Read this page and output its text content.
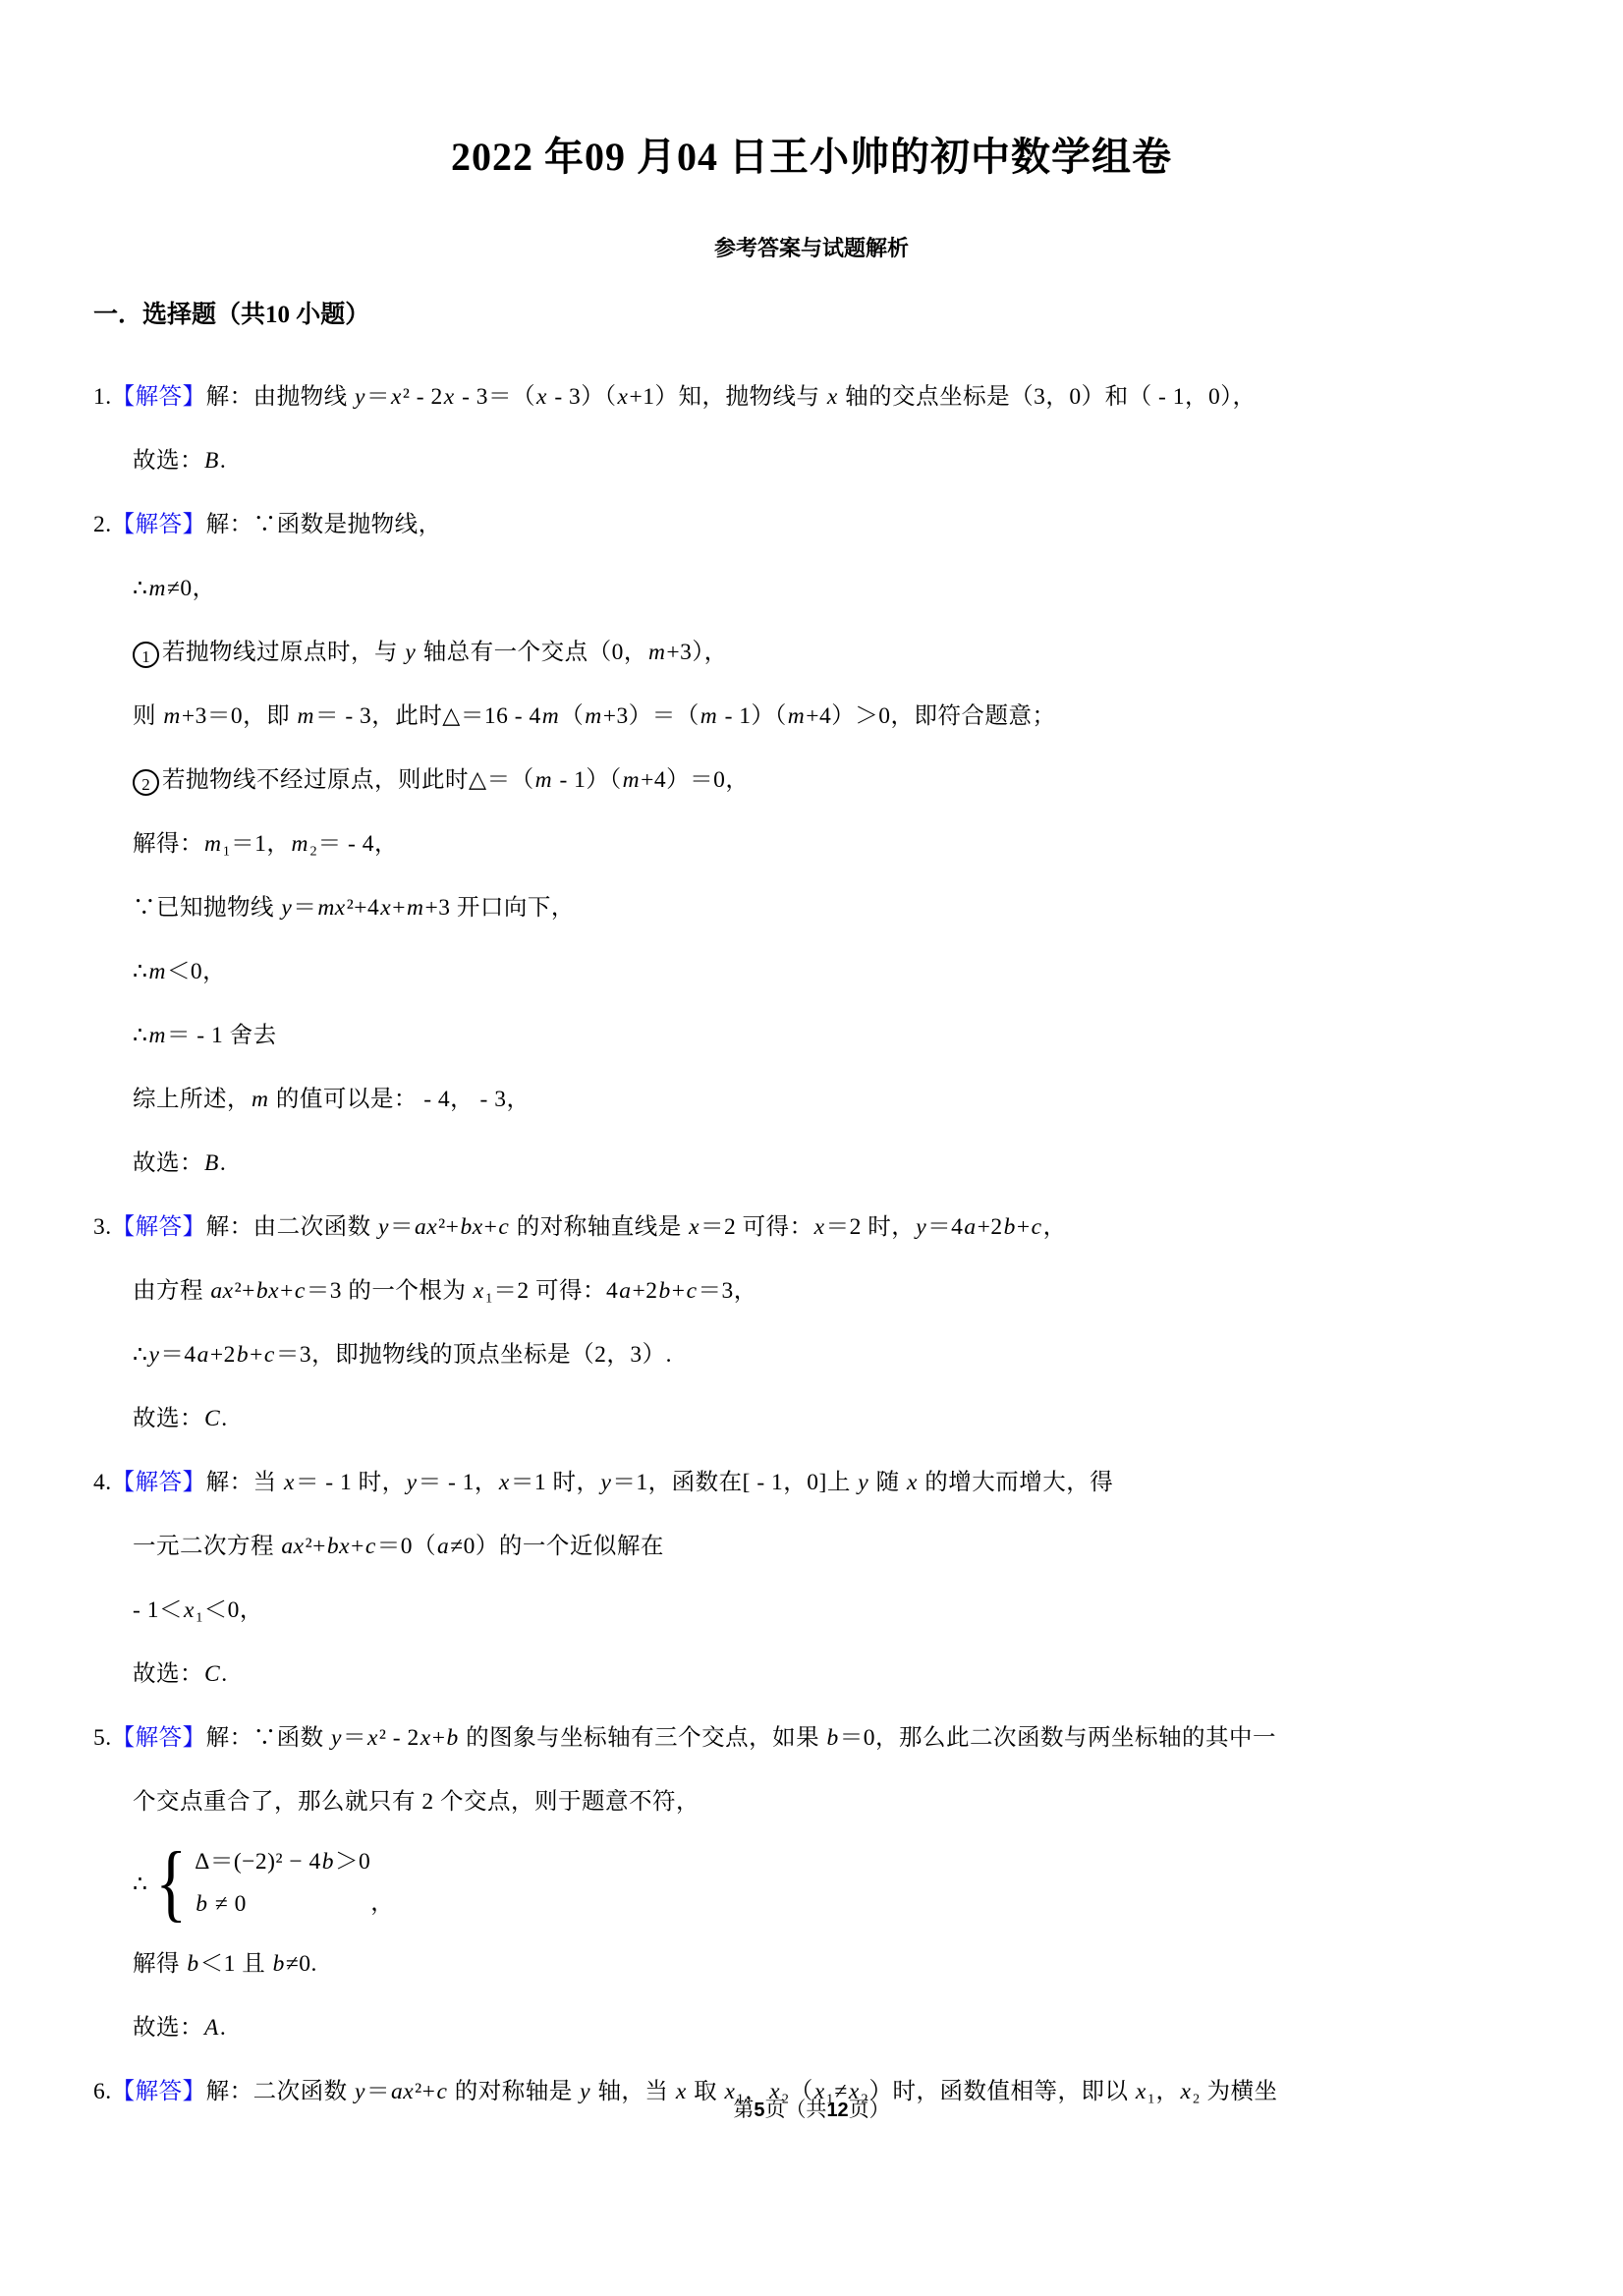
2022 年09 月04 日王小帅的初中数学组卷
参考答案与试题解析
一．选择题（共10 小题）
1.【解答】解：由抛物线 y＝x² - 2x - 3＝（x - 3）（x+1）知，抛物线与 x 轴的交点坐标是（3，0）和（ - 1，0），
故选：B.
2.【解答】解：∵函数是抛物线，
∴m≠0，
1 若抛物线过原点时，与 y 轴总有一个交点（0，m+3），
则 m+3＝0，即 m＝ - 3，此时△＝16 - 4m（m+3）＝（m - 1）（m+4）＞0，即符合题意；
2 若抛物线不经过原点，则此时△＝（m - 1）（m+4）＝0，
解得：m₁＝1，m₂＝ - 4，
∵已知抛物线 y＝mx²+4x+m+3 开口向下，
∴m＜0，
∴m＝ - 1 舍去
综上所述，m 的值可以是： - 4， - 3，
故选：B.
3.【解答】解：由二次函数 y＝ax²+bx+c 的对称轴直线是 x＝2 可得：x＝2 时，y＝4a+2b+c，
由方程 ax²+bx+c＝3 的一个根为 x₁＝2 可得：4a+2b+c＝3，
∴y＝4a+2b+c＝3，即抛物线的顶点坐标是（2，3）.
故选：C.
4.【解答】解：当 x＝ - 1 时，y＝ - 1，x＝1 时，y＝1，函数在[ - 1，0]上 y 随 x 的增大而增大，得
一元二次方程 ax²+bx+c＝0（a≠0）的一个近似解在
- 1＜x₁＜0，
故选：C.
5.【解答】解：∵函数 y＝x² - 2x+b 的图象与坐标轴有三个交点，如果 b＝0，那么此二次函数与两坐标轴的其中一
个交点重合了，那么就只有 2 个交点，则于题意不符，
∴ { Δ＝(−2)² − 4b＞0
b ≠ 0	，
解得 b＜1 且 b≠0.
故选：A.
6.【解答】解：二次函数 y＝ax²+c 的对称轴是 y 轴，当 x 取 x₁，x₂（x₁≠x₂）时，函数值相等，即以 x₁，x₂ 为横坐
第5页（共12页）
